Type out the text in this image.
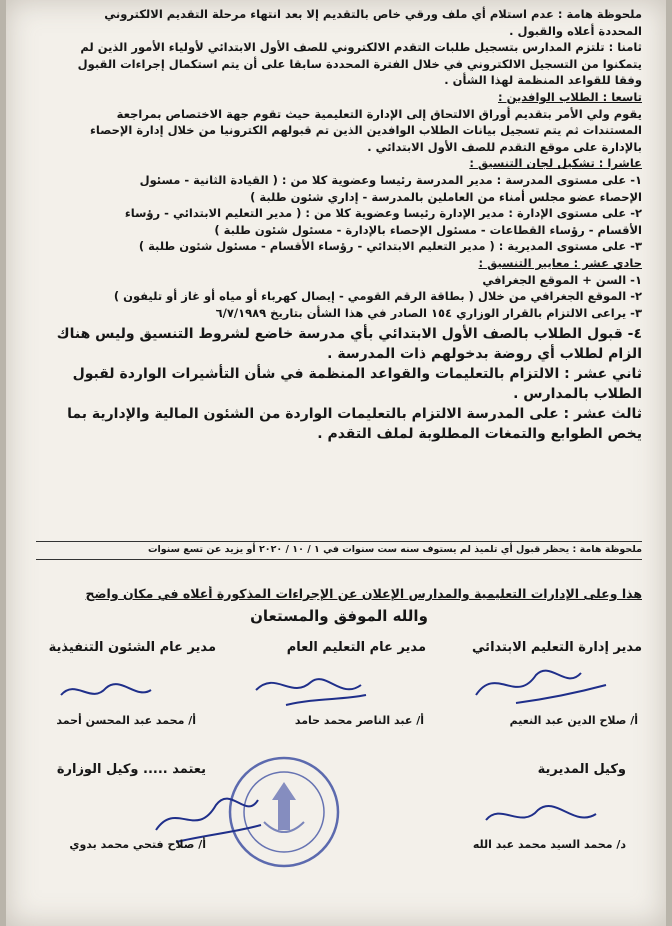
ملحوظة هامة : عدم استلام أي ملف ورقي خاص بالتقديم إلا بعد انتهاء مرحلة التقديم الالكتروني
المحددة أعلاه والقبول .
ثامنا : تلتزم المدارس بتسجيل طلبات التقدم الالكتروني للصف الأول الابتدائي لأولياء الأمور الذين لم
يتمكنوا من التسجيل الالكتروني في خلال الفترة المحددة سابقا على أن يتم استكمال إجراءات القبول
وفقا للقواعد المنظمة لهذا الشأن .
تاسعا : الطلاب الوافدين :
يقوم ولي الأمر بتقديم أوراق الالتحاق إلى الإدارة التعليمية حيث تقوم جهة الاختصاص بمراجعة
المستندات ثم يتم تسجيل بيانات الطلاب الوافدين الذين تم قبولهم الكترونيا من خلال إدارة الإحصاء
بالإدارة على موقع التقدم للصف الأول الابتدائي .
عاشرا : تشكيل لجان التنسيق :
١- على مستوى المدرسة : مدير المدرسة رئيسا وعضوية كلا من : ( القيادة الثانية - مسئول
الإحصاء عضو مجلس أمناء من العاملين بالمدرسة - إداري شئون طلبة )
٢- على مستوى الإدارة : مدير الإدارة رئيسا وعضوية كلا من : ( مدير التعليم الابتدائي - رؤساء
الأقسام - رؤساء القطاعات - مسئول الإحصاء بالإدارة - مسئول شئون طلبة )
٣- على مستوى المديرية : ( مدير التعليم الابتدائي - رؤساء الأقسام - مسئول شئون طلبة )
حادي عشر : معايير التنسيق :
١- السن + الموقع الجغرافي
٢- الموقع الجغرافي من خلال ( بطاقة الرقم القومي - إيصال كهرباء أو مياه أو غاز أو تليفون )
٣- يراعى الالتزام بالقرار الوزاري ١٥٤ الصادر في هذا الشأن بتاريخ ٦/٧/١٩٨٩
٤- قبول الطلاب بالصف الأول الابتدائي بأي مدرسة خاضع لشروط التنسيق وليس هناك
الزام لطلاب أي روضة بدخولهم ذات المدرسة .
ثاني عشر : الالتزام بالتعليمات والقواعد المنظمة في شأن التأشيرات الواردة لقبول
الطلاب بالمدارس .
ثالث عشر : على المدرسة الالتزام بالتعليمات الواردة من الشئون المالية والإدارية بما
يخص الطوابع والتمغات المطلوبة لملف التقدم .
ملحوظة هامة : يحظر قبول أي تلميذ لم يستوف سنه ست سنوات في ١ / ١٠ / ٢٠٢٠ أو يزيد عن تسع سنوات
هذا وعلى الإدارات التعليمية والمدارس الإعلان عن الإجراءات المذكورة أعلاه في مكان واضح
والله الموفق والمستعان
مدير إدارة التعليم الابتدائي
مدير عام التعليم العام
مدير عام الشئون التنفيذية
أ/ صلاح الدين عبد النعيم
أ/ عبد الناصر محمد حامد
أ/ محمد عبد المحسن أحمد
وكيل المديرية
يعتمد ..... وكيل الوزارة
د/ محمد السيد محمد عبد الله
أ/ صلاح فتحي محمد بدوي
